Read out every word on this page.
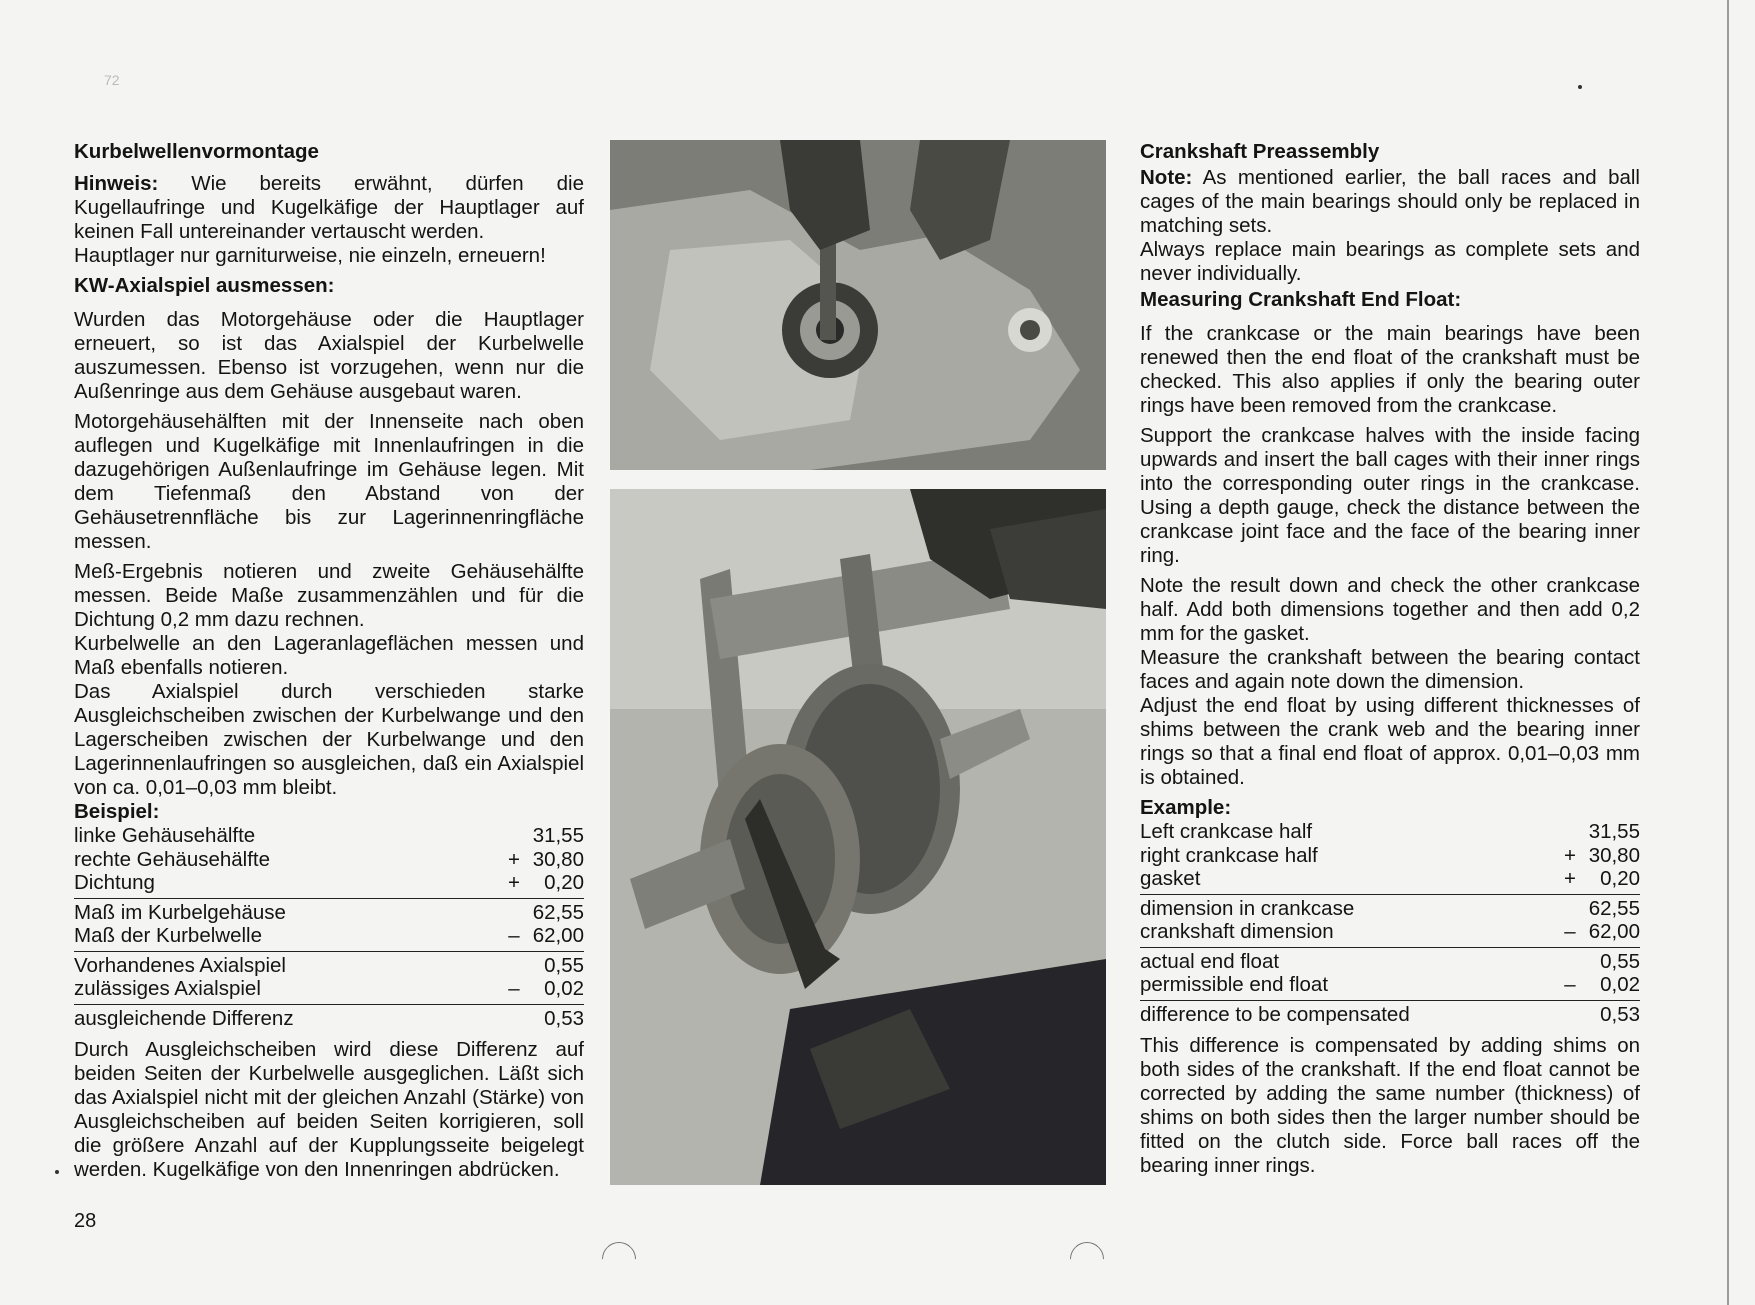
72
Kurbelwellenvormontage

Hinweis: Wie bereits erwähnt, dürfen die Kugellaufringe und Kugelkäfige der Hauptlager auf keinen Fall untereinander vertauscht werden.

Hauptlager nur garniturweise, nie einzeln, erneuern!

KW-Axialspiel ausmessen:

Wurden das Motorgehäuse oder die Hauptlager erneuert, so ist das Axialspiel der Kurbelwelle auszumessen. Ebenso ist vorzugehen, wenn nur die Außenringe aus dem Gehäuse ausgebaut waren.

Motorgehäusehälften mit der Innenseite nach oben auflegen und Kugelkäfige mit Innenlaufringen in die dazugehörigen Außenlaufringe im Gehäuse legen. Mit dem Tiefenmaß den Abstand von der Gehäusetrennfläche bis zur Lagerinnenringfläche messen.

Meß-Ergebnis notieren und zweite Gehäusehälfte messen. Beide Maße zusammenzählen und für die Dichtung 0,2 mm dazu rechnen.

Kurbelwelle an den Lageranlageflächen messen und Maß ebenfalls notieren.

Das Axialspiel durch verschieden starke Ausgleichscheiben zwischen der Kurbelwange und den Lagerscheiben zwischen der Kurbelwange und den Lagerinnenlaufringen so ausgleichen, daß ein Axialspiel von ca. 0,01–0,03 mm bleibt.

Beispiel:
linke Gehäusehälfte	31,55
rechte Gehäusehälfte	+ 30,80
Dichtung	+ 0,20
Maß im Kurbelgehäuse	62,55
Maß der Kurbelwelle	– 62,00
Vorhandenes Axialspiel	0,55
zulässiges Axialspiel	– 0,02
ausgleichende Differenz	0,53

Durch Ausgleichscheiben wird diese Differenz auf beiden Seiten der Kurbelwelle ausgeglichen. Läßt sich das Axialspiel nicht mit der gleichen Anzahl (Stärke) von Ausgleichscheiben auf beiden Seiten korrigieren, soll die größere Anzahl auf der Kupplungsseite beigelegt werden. Kugelkäfige von den Innenringen abdrücken.

28
Crankshaft Preassembly

Note: As mentioned earlier, the ball races and ball cages of the main bearings should only be replaced in matching sets.

Always replace main bearings as complete sets and never individually.

Measuring Crankshaft End Float:

If the crankcase or the main bearings have been renewed then the end float of the crankshaft must be checked. This also applies if only the bearing outer rings have been removed from the crankcase.

Support the crankcase halves with the inside facing upwards and insert the ball cages with their inner rings into the corresponding outer rings in the crankcase. Using a depth gauge, check the distance between the crankcase joint face and the face of the bearing inner ring.

Note the result down and check the other crankcase half. Add both dimensions together and then add 0,2 mm for the gasket.

Measure the crankshaft between the bearing contact faces and again note down the dimension.

Adjust the end float by using different thicknesses of shims between the crank web and the bearing inner rings so that a final end float of approx. 0,01–0,03 mm is obtained.

Example:
Left crankcase half	31,55
right crankcase half	+ 30,80
gasket	+ 0,20
dimension in crankcase	62,55
crankshaft dimension	– 62,00
actual end float	0,55
permissible end float	– 0,02
difference to be compensated	0,53

This difference is compensated by adding shims on both sides of the crankshaft. If the end float cannot be corrected by adding the same number (thickness) of shims on both sides then the larger number should be fitted on the clutch side. Force ball races off the bearing inner rings.
